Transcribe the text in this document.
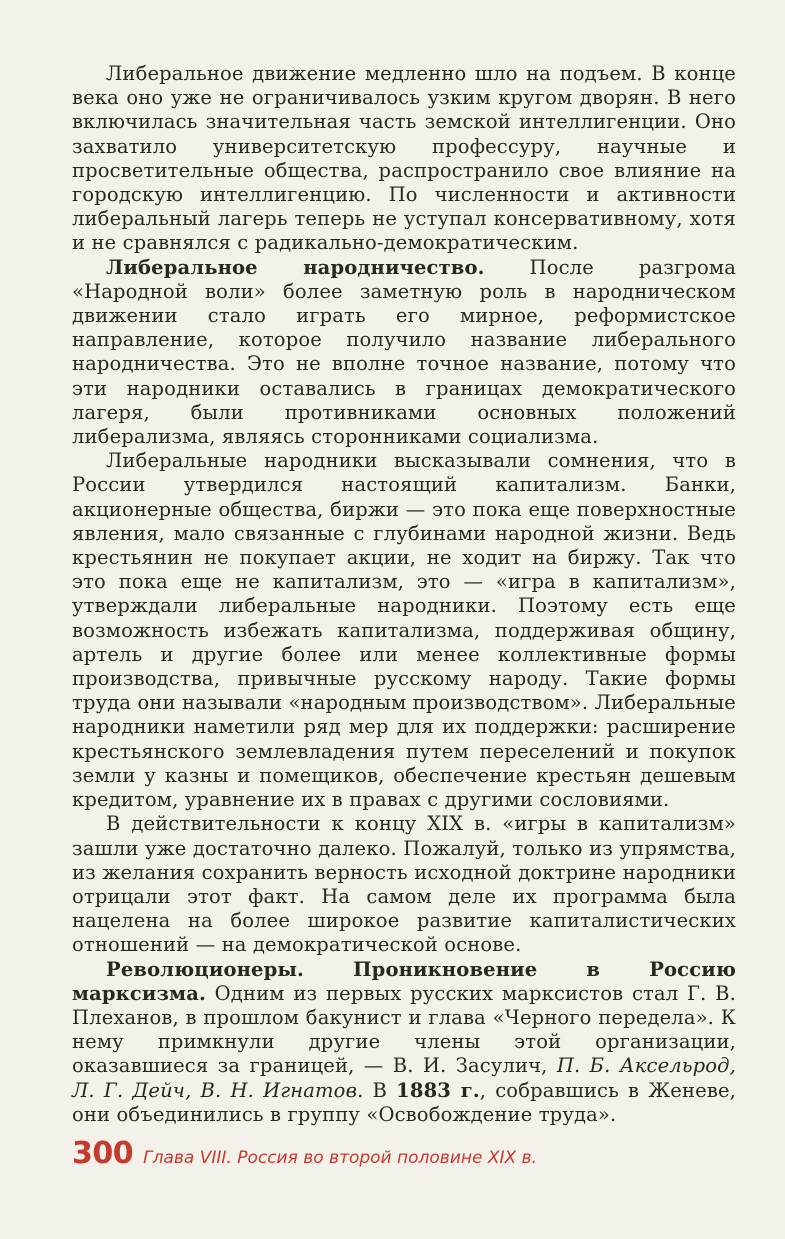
Либеральное движение медленно шло на подъем. В конце века оно уже не ограничивалось узким кругом дворян. В него включилась значительная часть земской интеллигенции. Оно захватило университетскую профессуру, научные и просветительные общества, распространило свое влияние на городскую интеллигенцию. По численности и активности либеральный лагерь теперь не уступал консервативному, хотя и не сравнялся с радикально-демократическим.

Либеральное народничество. После разгрома «Народной воли» более заметную роль в народническом движении стало играть его мирное, реформистское направление, которое получило название либерального народничества. Это не вполне точное название, потому что эти народники оставались в границах демократического лагеря, были противниками основных положений либерализма, являясь сторонниками социализма.

Либеральные народники высказывали сомнения, что в России утвердился настоящий капитализм. Банки, акционерные общества, биржи — это пока еще поверхностные явления, мало связанные с глубинами народной жизни. Ведь крестьянин не покупает акции, не ходит на биржу. Так что это пока еще не капитализм, это — «игра в капитализм», утверждали либеральные народники. Поэтому есть еще возможность избежать капитализма, поддерживая общину, артель и другие более или менее коллективные формы производства, привычные русскому народу. Такие формы труда они называли «народным производством». Либеральные народники наметили ряд мер для их поддержки: расширение крестьянского землевладения путем переселений и покупок земли у казны и помещиков, обеспечение крестьян дешевым кредитом, уравнение их в правах с другими сословиями.

В действительности к концу XIX в. «игры в капитализм» зашли уже достаточно далеко. Пожалуй, только из упрямства, из желания сохранить верность исходной доктрине народники отрицали этот факт. На самом деле их программа была нацелена на более широкое развитие капиталистических отношений — на демократической основе.

Революционеры. Проникновение в Россию марксизма. Одним из первых русских марксистов стал Г. В. Плеханов, в прошлом бакунист и глава «Черного передела». К нему примкнули другие члены этой организации, оказавшиеся за границей, — В. И. Засулич, П. Б. Аксельрод, Л. Г. Дейч, В. Н. Игнатов. В 1883 г., собравшись в Женеве, они объединились в группу «Освобождение труда».

300 Глава VIII. Россия во второй половине XIX в.
